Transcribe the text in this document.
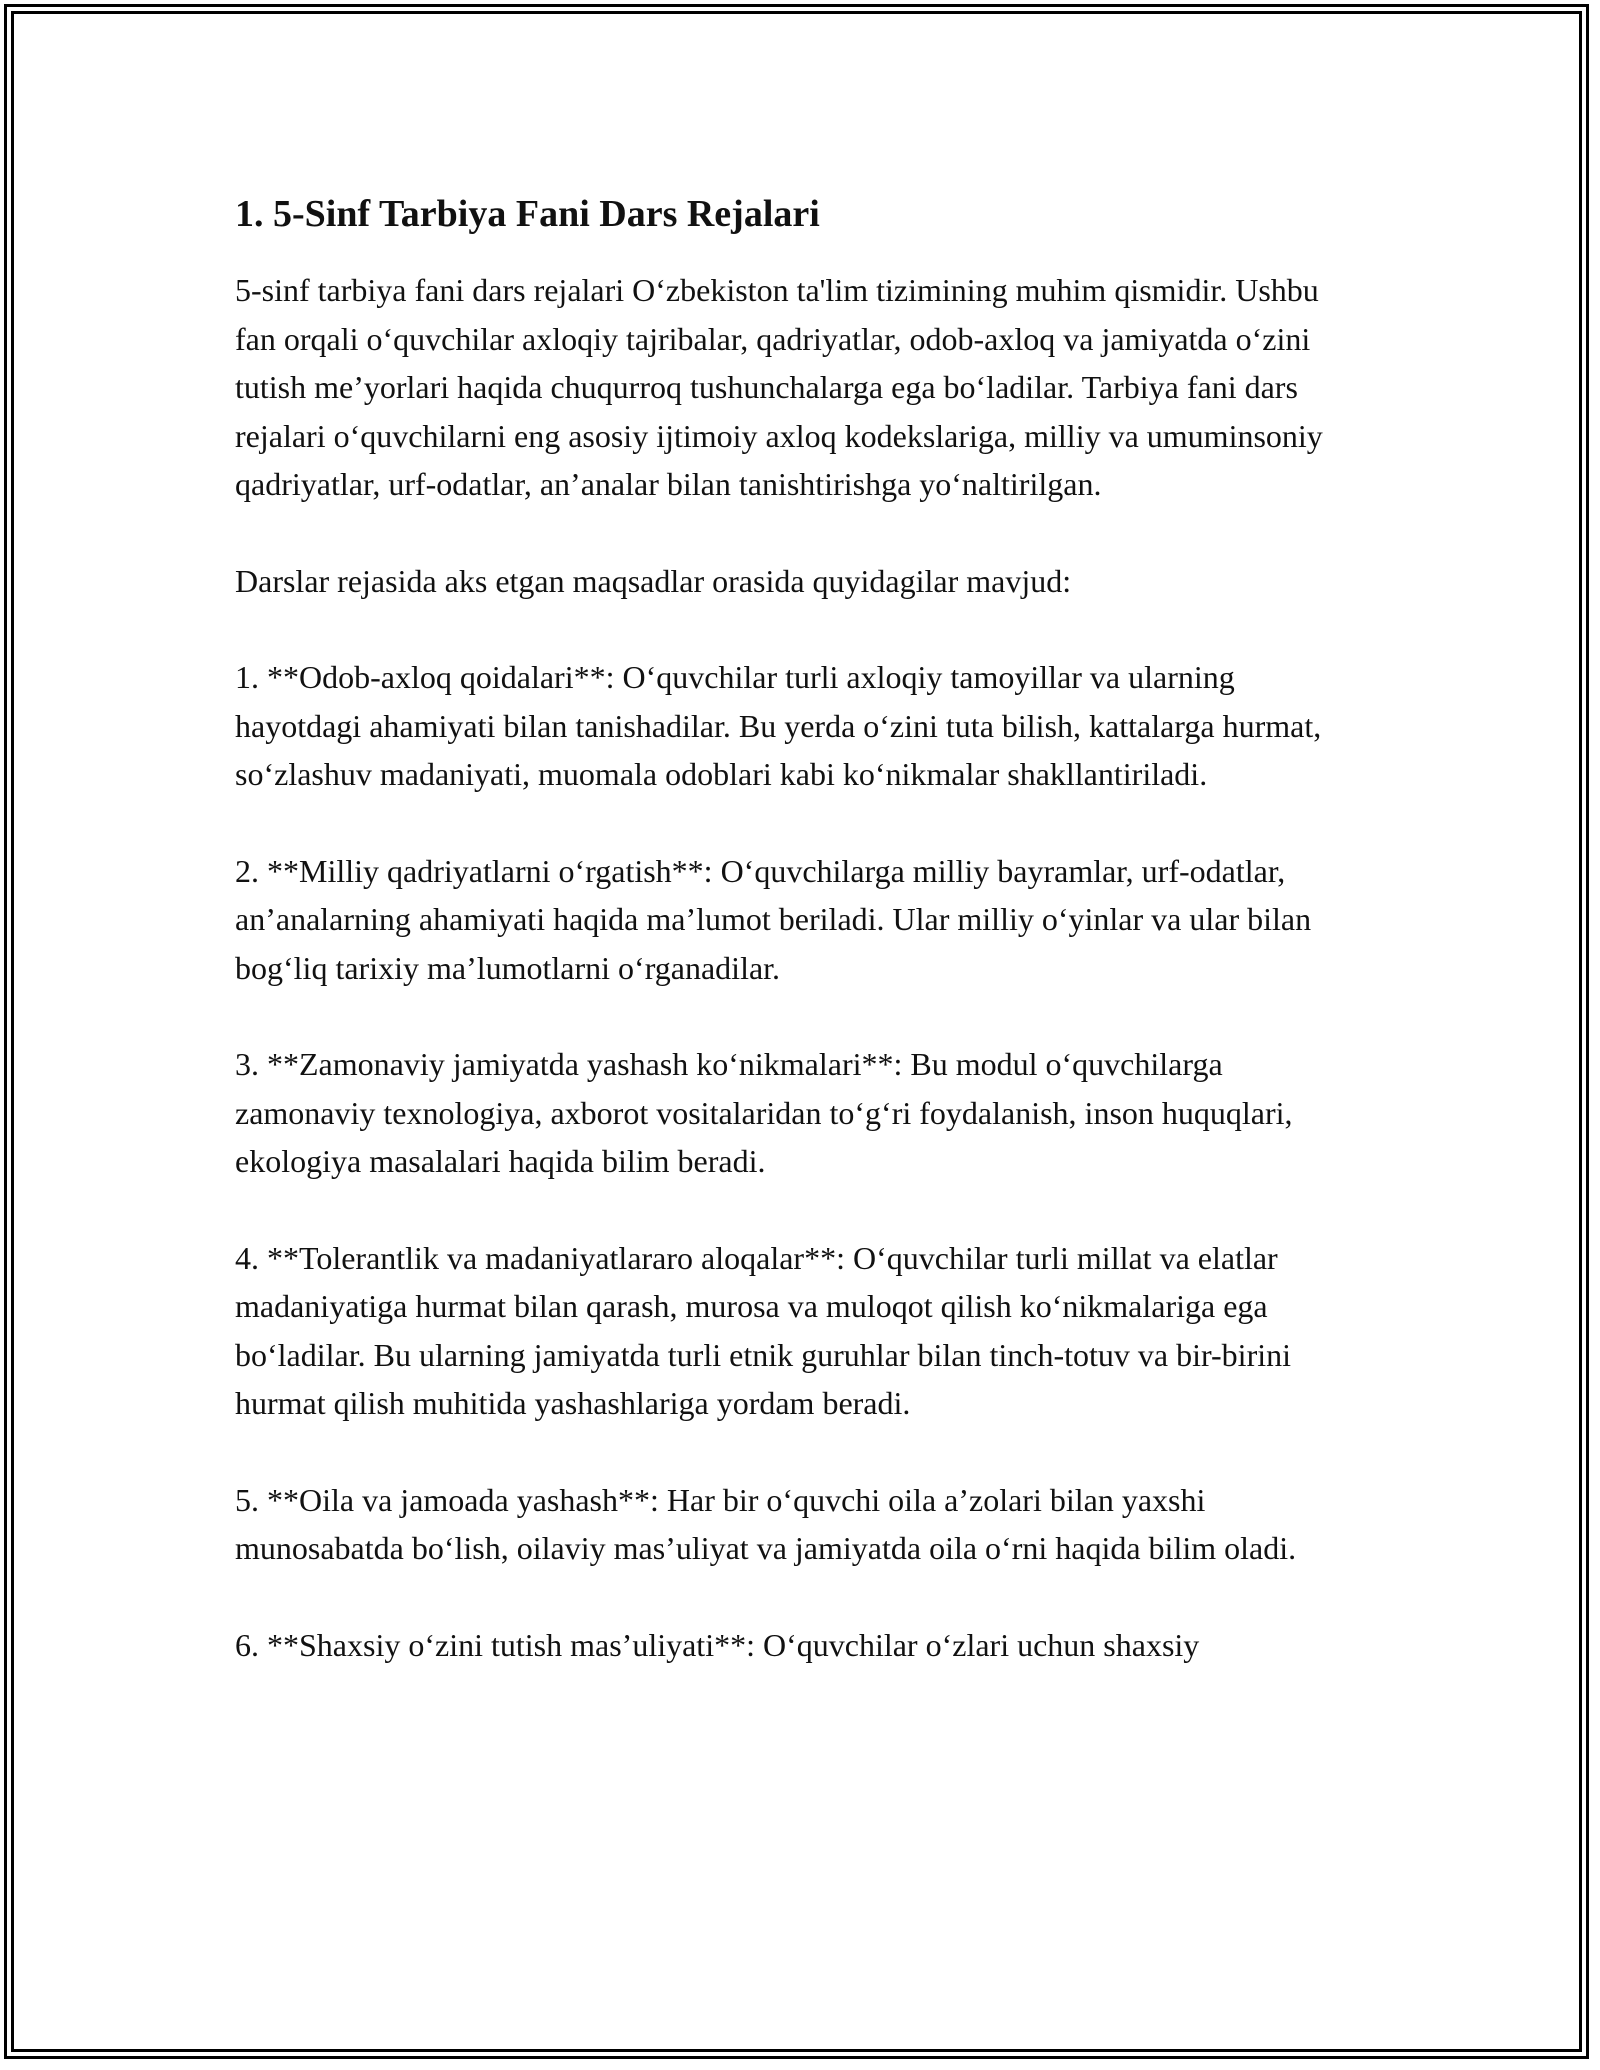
1. 5-Sinf Tarbiya Fani Dars Rejalari

5-sinf tarbiya fani dars rejalari O‘zbekiston ta'lim tizimining muhim qismidir. Ushbu fan orqali o‘quvchilar axloqiy tajribalar, qadriyatlar, odob-axloq va jamiyatda o‘zini tutish me’yorlari haqida chuqurroq tushunchalarga ega bo‘ladilar. Tarbiya fani dars rejalari o‘quvchilarni eng asosiy ijtimoiy axloq kodekslariga, milliy va umuminsoniy qadriyatlar, urf-odatlar, an’analar bilan tanishtirishga yo‘naltirilgan.

Darslar rejasida aks etgan maqsadlar orasida quyidagilar mavjud:

1. **Odob-axloq qoidalari**: O‘quvchilar turli axloqiy tamoyillar va ularning hayotdagi ahamiyati bilan tanishadilar. Bu yerda o‘zini tuta bilish, kattalarga hurmat, so‘zlashuv madaniyati, muomala odoblari kabi ko‘nikmalar shakllantiriladi.

2. **Milliy qadriyatlarni o‘rgatish**: O‘quvchilarga milliy bayramlar, urf-odatlar, an’analarning ahamiyati haqida ma’lumot beriladi. Ular milliy o‘yinlar va ular bilan bog‘liq tarixiy ma’lumotlarni o‘rganadilar.

3. **Zamonaviy jamiyatda yashash ko‘nikmalari**: Bu modul o‘quvchilarga zamonaviy texnologiya, axborot vositalaridan to‘g‘ri foydalanish, inson huquqlari, ekologiya masalalari haqida bilim beradi.

4. **Tolerantlik va madaniyatlararo aloqalar**: O‘quvchilar turli millat va elatlar madaniyatiga hurmat bilan qarash, murosa va muloqot qilish ko‘nikmalariga ega bo‘ladilar. Bu ularning jamiyatda turli etnik guruhlar bilan tinch-totuv va bir-birini hurmat qilish muhitida yashashlariga yordam beradi.

5. **Oila va jamoada yashash**: Har bir o‘quvchi oila a’zolari bilan yaxshi munosabatda bo‘lish, oilaviy mas’uliyat va jamiyatda oila o‘rni haqida bilim oladi.

6. **Shaxsiy o‘zini tutish mas’uliyati**: O‘quvchilar o‘zlari uchun shaxsiy
